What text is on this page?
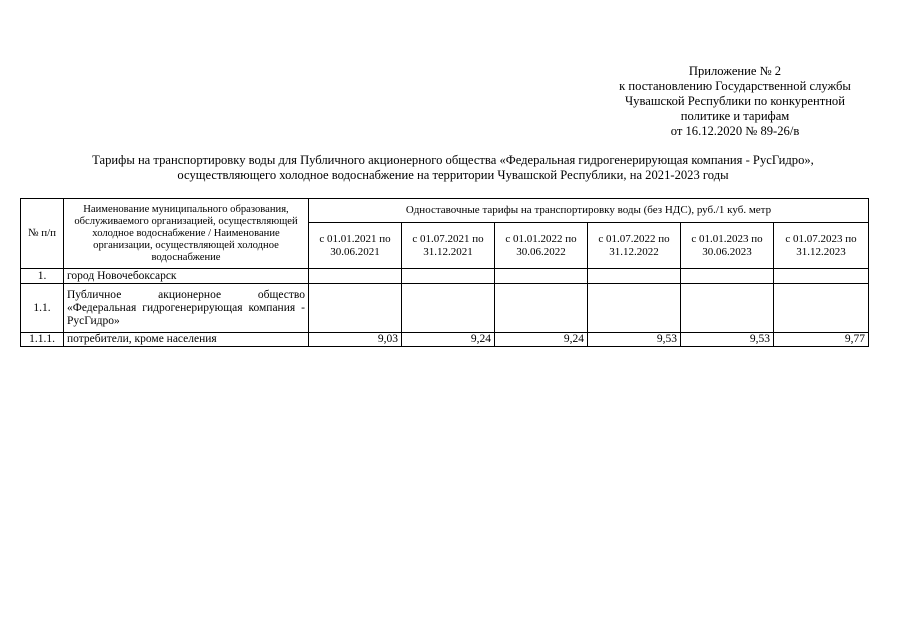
Приложение № 2
к постановлению Государственной службы
Чувашской Республики по конкурентной
политике и тарифам
от 16.12.2020 № 89-26/в
Тарифы на транспортировку воды для Публичного акционерного общества «Федеральная гидрогенерирующая компания - РусГидро»,
осуществляющего холодное водоснабжение на территории Чувашской Республики, на 2021-2023 годы
№ п/п	Наименование муниципального образования, обслуживаемого организацией, осуществляющей холодное водоснабжение / Наименование организации, осуществляющей холодное водоснабжение	Одноставочные тарифы на транспортировку воды (без НДС), руб./1 куб. метр					
		с 01.01.2021 по 30.06.2021	с 01.07.2021 по 31.12.2021	с 01.01.2022 по 30.06.2022	с 01.07.2022 по 31.12.2022	с 01.01.2023 по 30.06.2023	с 01.07.2023 по 31.12.2023
1.	город Новочебоксарск						
1.1.	Публичное акционерное общество «Федеральная гидрогенерирующая компания - РусГидро»						
1.1.1.	потребители, кроме населения	9,03	9,24	9,24	9,53	9,53	9,77
